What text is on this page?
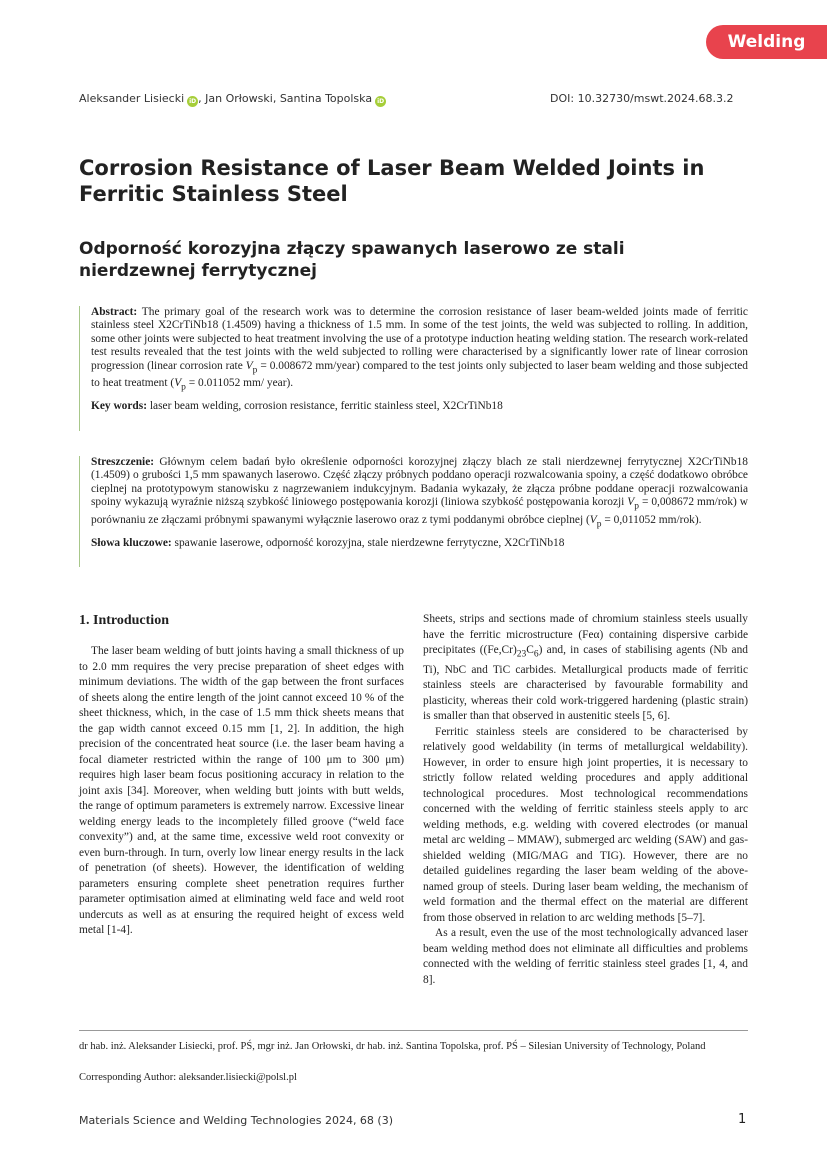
Welding
Aleksander Lisiecki iD , Jan Orłowski, Santina Topolska iD	DOI: 10.32730/mswt.2024.68.3.2
Corrosion Resistance of Laser Beam Welded Joints in Ferritic Stainless Steel
Odporność korozyjna złączy spawanych laserowo ze stali nierdzewnej ferrytycznej

Abstract: The primary goal of the research work was to determine the corrosion resistance of laser beam-welded joints made of ferritic stainless steel X2CrTiNb18 (1.4509) having a thickness of 1.5 mm. In some of the test joints, the weld was subjected to rolling. In addition, some other joints were subjected to heat treatment involving the use of a prototype induction heating welding station. The research work-related test results revealed that the test joints with the weld subjected to rolling were characterised by a significantly lower rate of linear corrosion progression (linear corrosion rate $V_p = 0.008672$ mm/year) compared to the test joints only subjected to laser beam welding and those subjected to heat treatment ($V_p = 0.011052$ mm/ year).

Key words: laser beam welding, corrosion resistance, ferritic stainless steel, X2CrTiNb18

Streszczenie: Głównym celem badań było określenie odporności korozyjnej złączy blach ze stali nierdzewnej ferrytycznej X2CrTiNb18 (1.4509) o grubości 1,5 mm spawanych laserowo. Część złączy próbnych poddano operacji rozwalcowania spoiny, a część dodatkowo obróbce cieplnej na prototypowym stanowisku z nagrzewaniem indukcyjnym. Badania wykazały, że złącza próbne poddane operacji rozwalcowania spoiny wykazują wyraźnie niższą szybkość liniowego postępowania korozji (liniowa szybkość postępowania korozji $V_p = 0,008672$ mm/rok) w porównaniu ze złączami próbnymi spawanymi wyłącznie laserowo oraz z tymi poddanymi obróbce cieplnej ($V_p = 0,011052$ mm/rok).

Słowa kluczowe: spawanie laserowe, odporność korozyjna, stale nierdzewne ferrytyczne, X2CrTiNb18

1. Introduction

The laser beam welding of butt joints having a small thickness of up to 2.0 mm requires the very precise preparation of sheet edges with minimum deviations. The width of the gap between the front surfaces of sheets along the entire length of the joint cannot exceed 10 % of the sheet thickness, which, in the case of 1.5 mm thick sheets means that the gap width cannot exceed 0.15 mm [1, 2]. In addition, the high precision of the concentrated heat source (i.e. the laser beam having a focal diameter restricted within the range of 100 μm to 300 μm) requires high laser beam focus positioning accuracy in relation to the joint axis [34]. Moreover, when welding butt joints with butt welds, the range of optimum parameters is extremely narrow. Excessive linear welding energy leads to the incompletely filled groove (“weld face convexity”) and, at the same time, excessive weld root convexity or even burn-through. In turn, overly low linear energy results in the lack of penetration (of sheets). However, the identification of welding parameters ensuring complete sheet penetration requires further parameter optimisation aimed at eliminating weld face and weld root undercuts as well as at ensuring the required height of excess weld metal [1-4].

Sheets, strips and sections made of chromium stainless steels usually have the ferritic microstructure (Feα) containing dispersive carbide precipitates $((Fe,Cr)_{23}C_6)$ and, in cases of stabilising agents (Nb and Ti), NbC and TiC carbides. Metallurgical products made of ferritic stainless steels are characterised by favourable formability and plasticity, whereas their cold work-triggered hardening (plastic strain) is smaller than that observed in austenitic steels [5, 6].

Ferritic stainless steels are considered to be characterised by relatively good weldability (in terms of metallurgical weldability). However, in order to ensure high joint properties, it is necessary to strictly follow related welding procedures and apply additional technological procedures. Most technological recommendations concerned with the welding of ferritic stainless steels apply to arc welding methods, e.g. welding with covered electrodes (or manual metal arc welding – MMAW), submerged arc welding (SAW) and gas-shielded welding (MIG/MAG and TIG). However, there are no detailed guidelines regarding the laser beam welding of the above-named group of steels. During laser beam welding, the mechanism of weld formation and the thermal effect on the material are different from those observed in relation to arc welding methods [5–7].

As a result, even the use of the most technologically advanced laser beam welding method does not eliminate all difficulties and problems connected with the welding of ferritic stainless steel grades [1, 4, and 8].

dr hab. inż. Aleksander Lisiecki, prof. PŚ, mgr inż. Jan Orłowski, dr hab. inż. Santina Topolska, prof. PŚ – Silesian University of Technology, Poland
Corresponding Author: aleksander.lisiecki@polsl.pl
Materials Science and Welding Technologies 2024, 68 (3)	1
